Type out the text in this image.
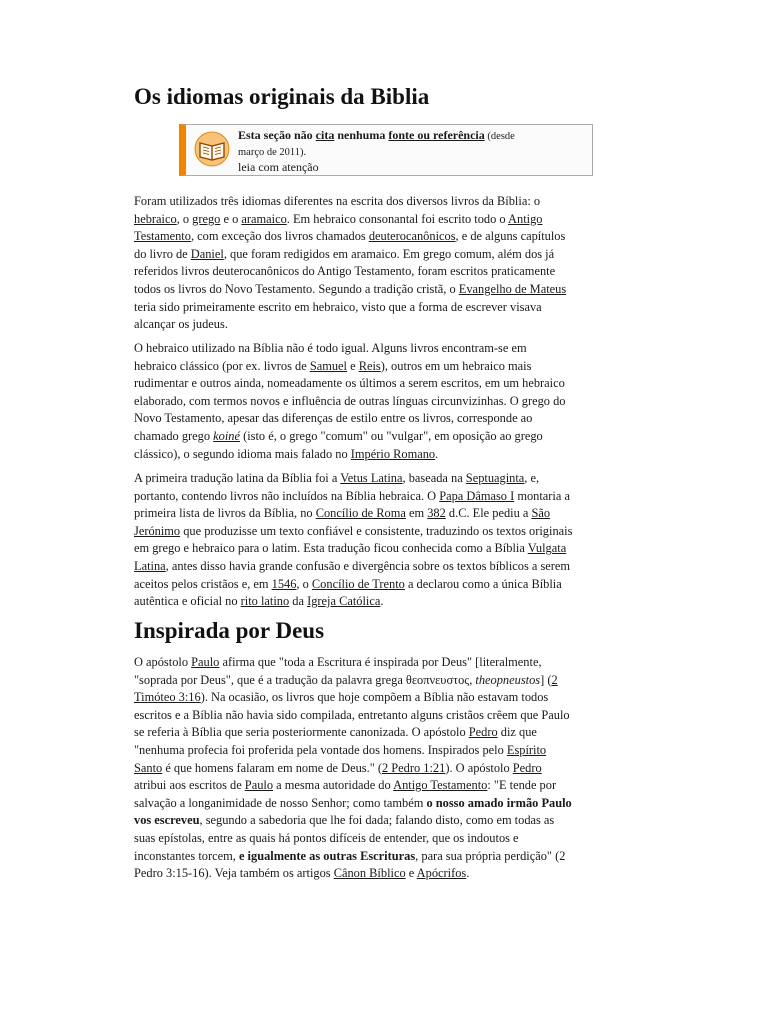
Os idiomas originais da Biblia
Esta seção não cita nenhuma fonte ou referência (desde
março de 2011).
leia com atenção
Foram utilizados três idiomas diferentes na escrita dos diversos livros da Bíblia: o
hebraico, o grego e o aramaico. Em hebraico consonantal foi escrito todo o Antigo
Testamento, com exceção dos livros chamados deuterocanônicos, e de alguns capítulos
do livro de Daniel, que foram redigidos em aramaico. Em grego comum, além dos já
referidos livros deuterocanônicos do Antigo Testamento, foram escritos praticamente
todos os livros do Novo Testamento. Segundo a tradição cristã, o Evangelho de Mateus
teria sido primeiramente escrito em hebraico, visto que a forma de escrever visava
alcançar os judeus.
O hebraico utilizado na Bíblia não é todo igual. Alguns livros encontram-se em
hebraico clássico (por ex. livros de Samuel e Reis), outros em um hebraico mais
rudimentar e outros ainda, nomeadamente os últimos a serem escritos, em um hebraico
elaborado, com termos novos e influência de outras línguas circunvizinhas. O grego do
Novo Testamento, apesar das diferenças de estilo entre os livros, corresponde ao
chamado grego koiné (isto é, o grego "comum" ou "vulgar", em oposição ao grego
clássico), o segundo idioma mais falado no Império Romano.
A primeira tradução latina da Bíblia foi a Vetus Latina, baseada na Septuaginta, e,
portanto, contendo livros não incluídos na Bíblia hebraica. O Papa Dâmaso I montaria a
primeira lista de livros da Bíblia, no Concílio de Roma em 382 d.C. Ele pediu a São
Jerónimo que produzisse um texto confiável e consistente, traduzindo os textos originais
em grego e hebraico para o latim. Esta tradução ficou conhecida como a Bíblia Vulgata
Latina, antes disso havia grande confusão e divergência sobre os textos bíblicos a serem
aceitos pelos cristãos e, em 1546, o Concílio de Trento a declarou como a única Bíblia
autêntica e oficial no rito latino da Igreja Católica.
Inspirada por Deus
O apóstolo Paulo afirma que "toda a Escritura é inspirada por Deus" [literalmente,
"soprada por Deus", que é a tradução da palavra grega θεοπνευστος, theopneustos] (2
Timóteo 3:16). Na ocasião, os livros que hoje compõem a Bíblia não estavam todos
escritos e a Bíblia não havia sido compilada, entretanto alguns cristãos crêem que Paulo
se referia à Bíblia que seria posteriormente canonizada. O apóstolo Pedro diz que
"nenhuma profecia foi proferida pela vontade dos homens. Inspirados pelo Espírito
Santo é que homens falaram em nome de Deus." (2 Pedro 1:21). O apóstolo Pedro
atribui aos escritos de Paulo a mesma autoridade do Antigo Testamento: "E tende por
salvação a longanimidade de nosso Senhor; como também o nosso amado irmão Paulo
vos escreveu, segundo a sabedoria que lhe foi dada; falando disto, como em todas as
suas epístolas, entre as quais há pontos difíceis de entender, que os indoutos e
inconstantes torcem, e igualmente as outras Escrituras, para sua própria perdição" (2
Pedro 3:15-16). Veja também os artigos Cânon Bíblico e Apócrifos.
